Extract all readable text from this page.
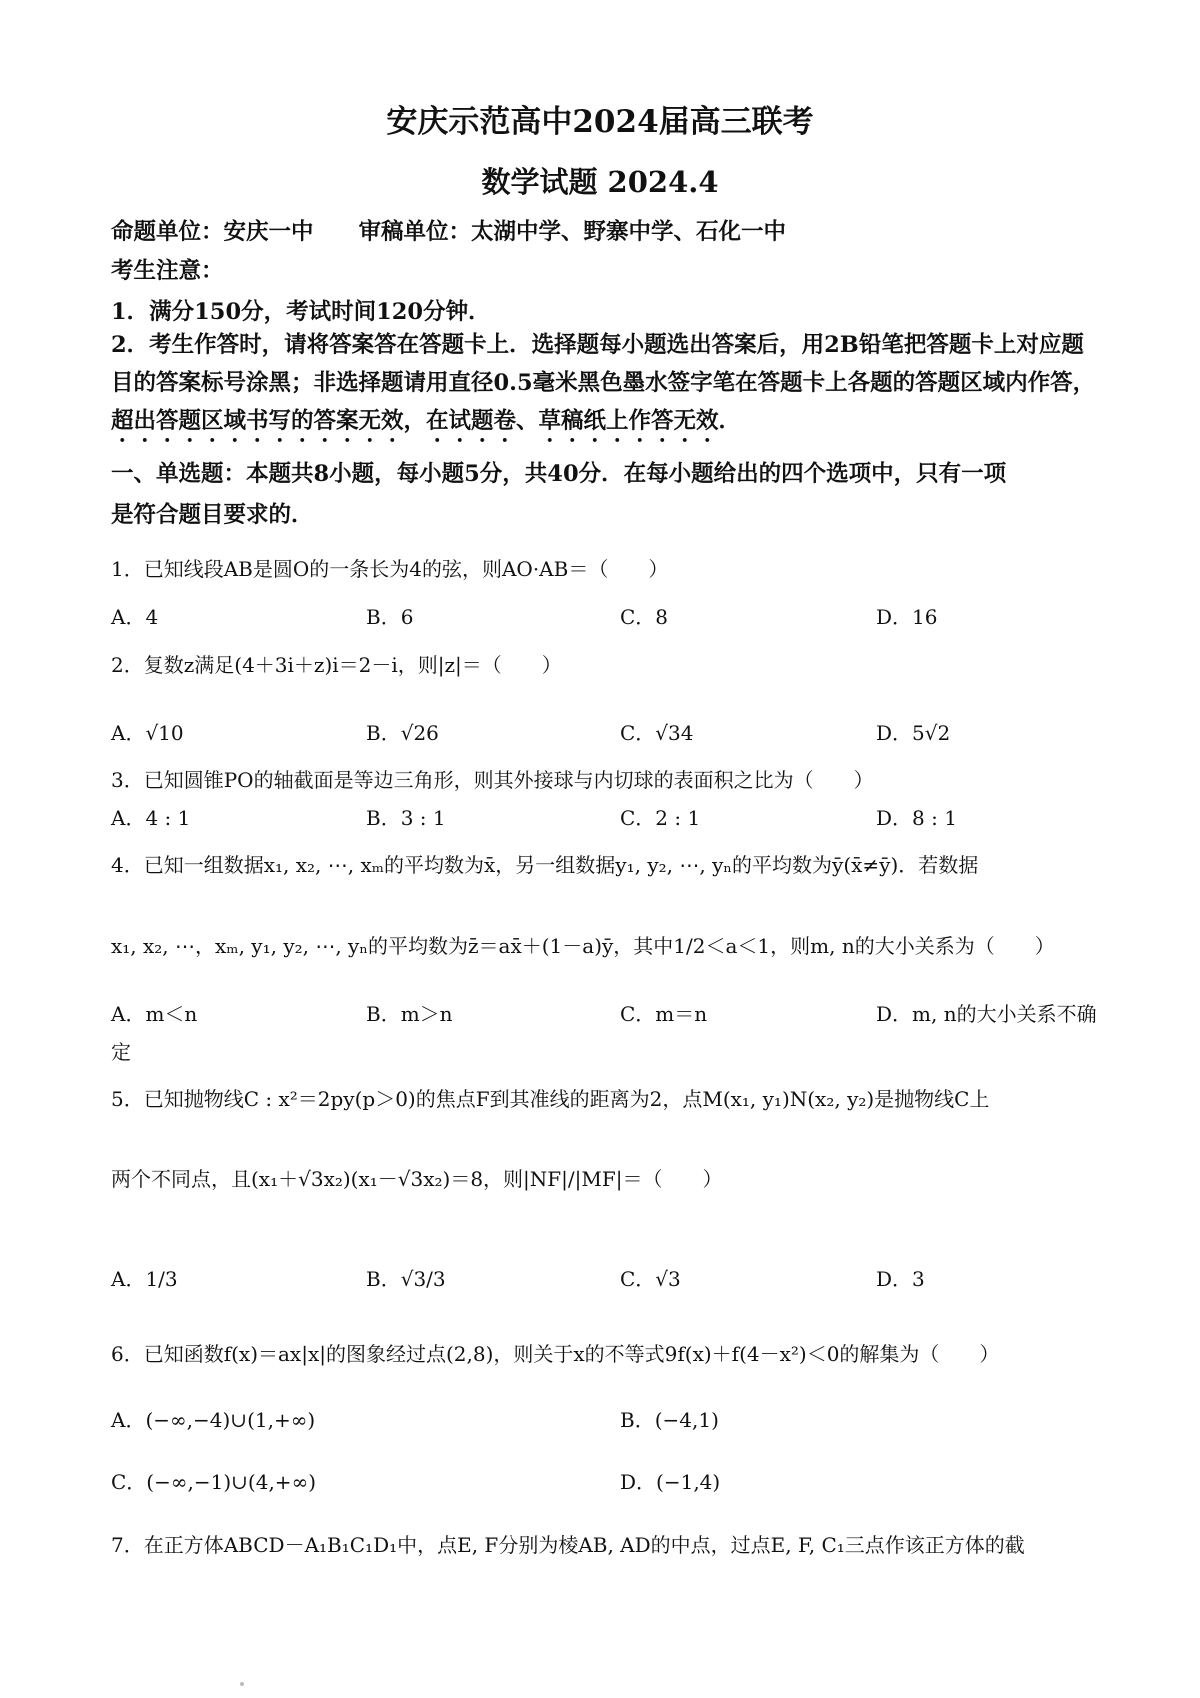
安庆示范高中2024届高三联考
数学试题 2024.4
命题单位：安庆一中　　审稿单位：太湖中学、野寨中学、石化一中
考生注意：
1．满分150分，考试时间120分钟．
2．考生作答时，请将答案答在答题卡上．选择题每小题选出答案后，用2B铅笔把答题卡上对应题目的答案标号涂黑；非选择题请用直径0.5毫米黑色墨水签字笔在答题卡上各题的答题区域内作答，超出答题区域书写的答案无效，在试题卷、草稿纸上作答无效．
一、单选题：本题共8小题，每小题5分，共40分．在每小题给出的四个选项中，只有一项
是符合题目要求的．
1．已知线段AB是圆O的一条长为4的弦，则AO·AB＝（　　）
A．4	B．6	C．8	D．16
2．复数z满足(4＋3i＋z)i＝2－i，则|z|＝（　　）
A．√10	B．√26	C．√34	D．5√2
3．已知圆锥PO的轴截面是等边三角形，则其外接球与内切球的表面积之比为（　　）
A．4 : 1	B．3 : 1	C．2 : 1	D．8 : 1
4．已知一组数据x₁, x₂, ⋯, xₘ的平均数为x̄，另一组数据y₁, y₂, ⋯, yₙ的平均数为ȳ(x̄≠ȳ)．若数据
x₁, x₂, ⋯，xₘ, y₁, y₂, ⋯, yₙ的平均数为z̄＝ax̄＋(1－a)ȳ，其中1/2＜a＜1，则m, n的大小关系为（　　）
A．m＜n	B．m＞n	C．m＝n	D．m, n的大小关系不确
定
5．已知抛物线C : x²＝2py(p＞0)的焦点F到其准线的距离为2，点M(x₁, y₁)N(x₂, y₂)是抛物线C上
两个不同点，且(x₁＋√3x₂)(x₁－√3x₂)＝8，则|NF|/|MF|＝（　　）
A．1/3	B．√3/3	C．√3	D．3
6．已知函数f(x)＝ax|x|的图象经过点(2,8)，则关于x的不等式9f(x)＋f(4－x²)＜0的解集为（　　）
A．(−∞,−4)∪(1,+∞)	B．(−4,1)
C．(−∞,−1)∪(4,+∞)	D．(−1,4)
7．在正方体ABCD－A₁B₁C₁D₁中，点E, F分别为棱AB, AD的中点，过点E, F, C₁三点作该正方体的截
